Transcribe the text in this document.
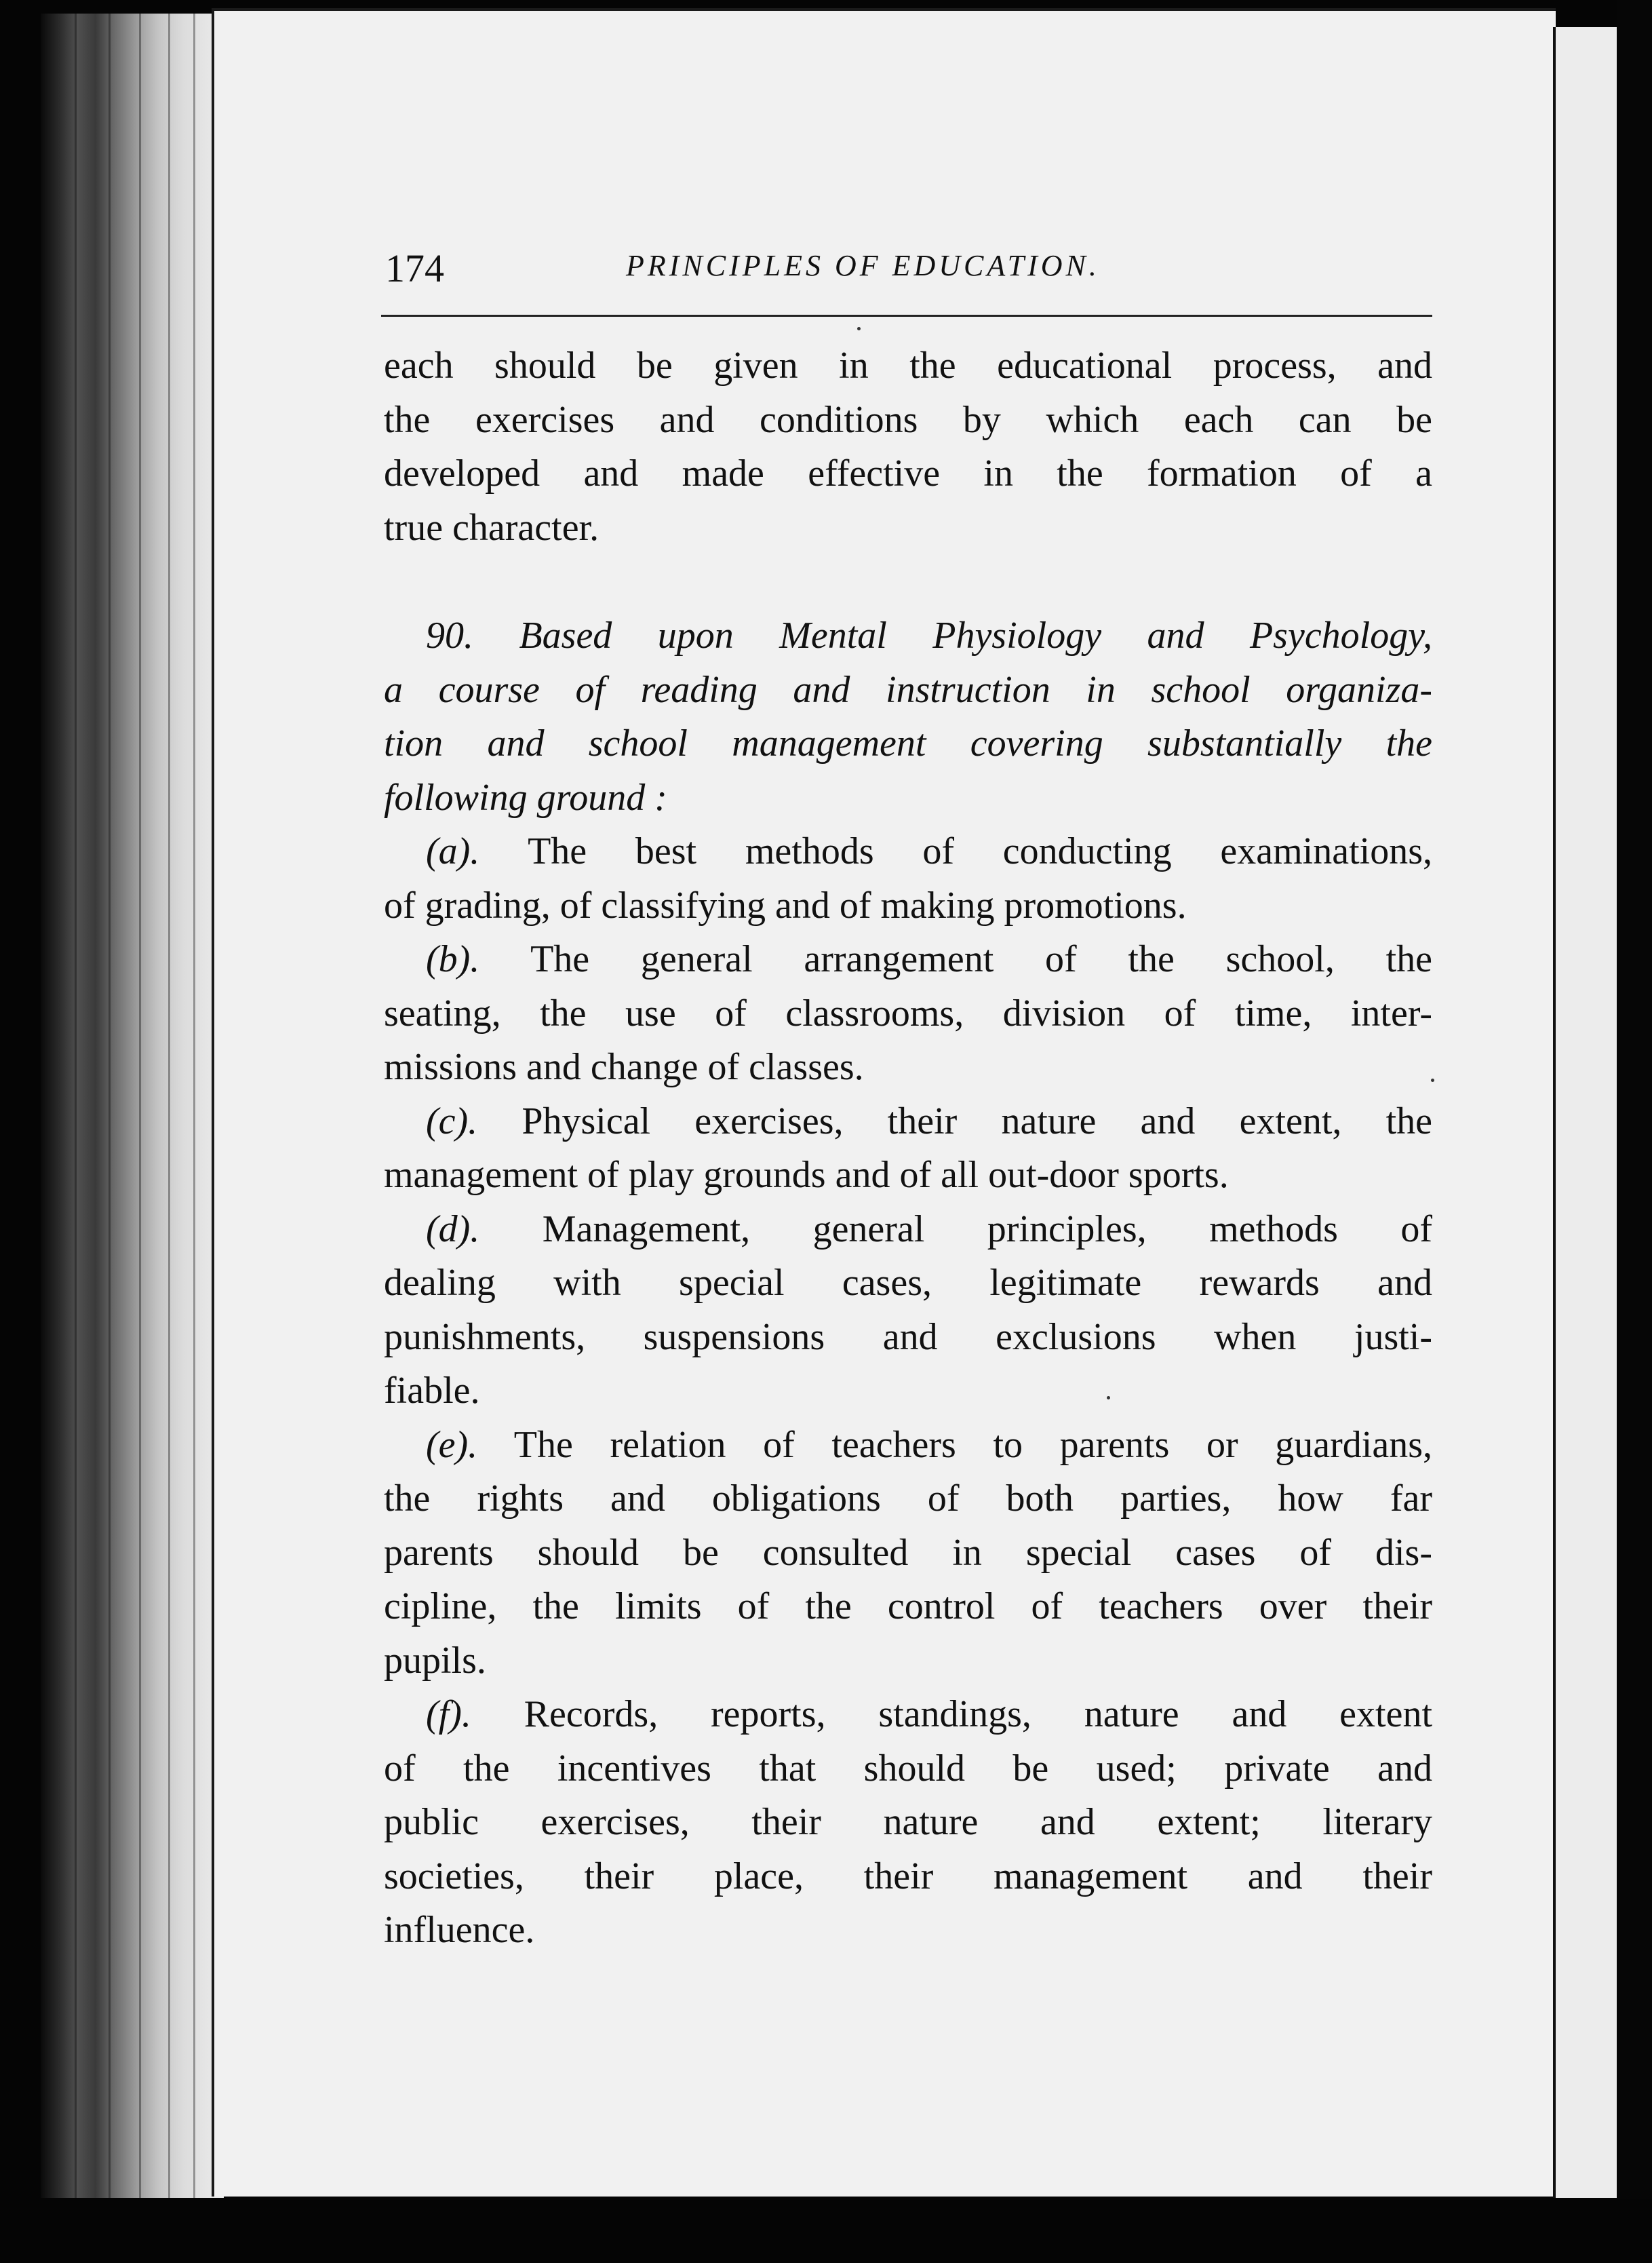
174	PRINCIPLES OF EDUCATION.
each should be given in the educational process, and
the exercises and conditions by which each can be
developed and made effective in the formation of a
true character.
90. Based upon Mental Physiology and Psychology,
a course of reading and instruction in school organiza-
tion and school management covering substantially the
following ground :
(a). The best methods of conducting examinations,
of grading, of classifying and of making promotions.
(b). The general arrangement of the school, the
seating, the use of classrooms, division of time, inter-
missions and change of classes.
(c). Physical exercises, their nature and extent, the
management of play grounds and of all out-door sports.
(d). Management, general principles, methods of
dealing with special cases, legitimate rewards and
punishments, suspensions and exclusions when justi-
fiable.
(e). The relation of teachers to parents or guardians,
the rights and obligations of both parties, how far
parents should be consulted in special cases of dis-
cipline, the limits of the control of teachers over their
pupils.
(f). Records, reports, standings, nature and extent
of the incentives that should be used; private and
public exercises, their nature and extent; literary
societies, their place, their management and their
influence.
